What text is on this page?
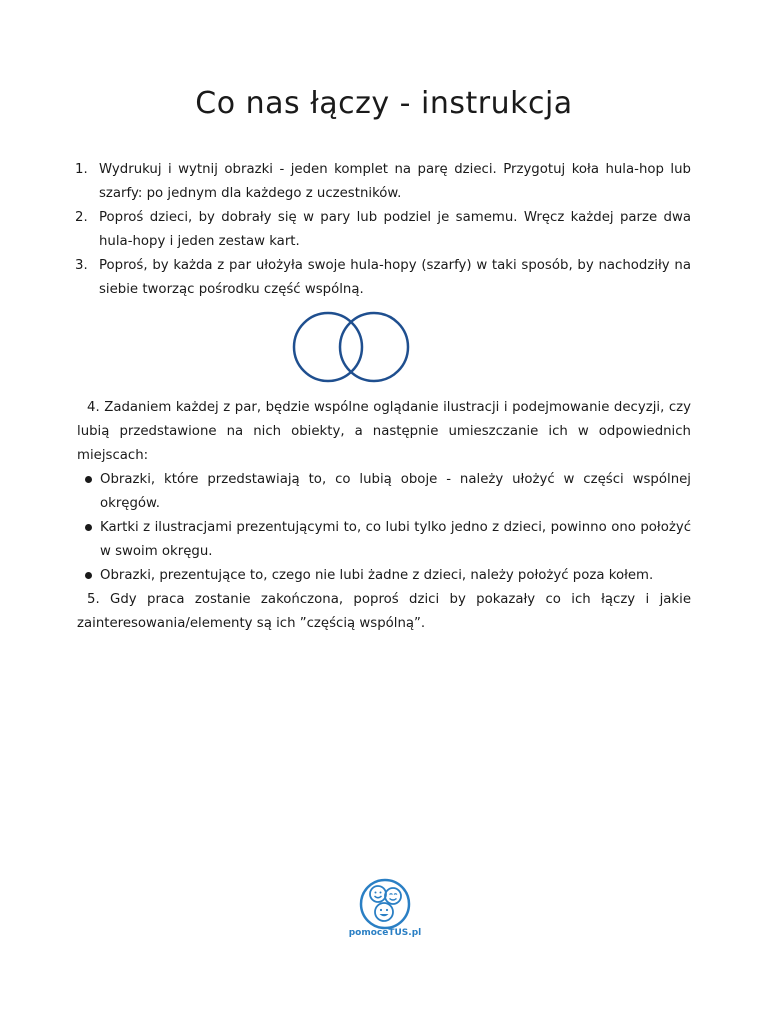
Co nas łączy - instrukcja
1. Wydrukuj i wytnij obrazki - jeden komplet na parę dzieci. Przygotuj koła hula-hop lub szarfy: po jednym dla każdego z uczestników.
2. Poproś dzieci, by dobrały się w pary lub podziel je samemu. Wręcz każdej parze dwa hula-hopy i jeden zestaw kart.
3. Poproś, by każda z par ułożyła swoje hula-hopy (szarfy) w taki sposób, by nachodziły na siebie tworząc pośrodku część wspólną.

4. Zadaniem każdej z par, będzie wspólne oglądanie ilustracji i podejmowanie decyzji, czy lubią przedstawione na nich obiekty, a następnie umieszczanie ich w odpowiednich miejscach:

Obrazki, które przedstawiają to, co lubią oboje - należy ułożyć w części wspólnej okręgów.
Kartki z ilustracjami prezentującymi to, co lubi tylko jedno z dzieci, powinno ono położyć w swoim okręgu.
Obrazki, prezentujące to, czego nie lubi żadne z dzieci, należy położyć poza kołem.

5. Gdy praca zostanie zakończona, poproś dzici by pokazały co ich łączy i jakie zainteresowania/elementy są ich ”częścią wspólną”.

pomoceTUS.pl
